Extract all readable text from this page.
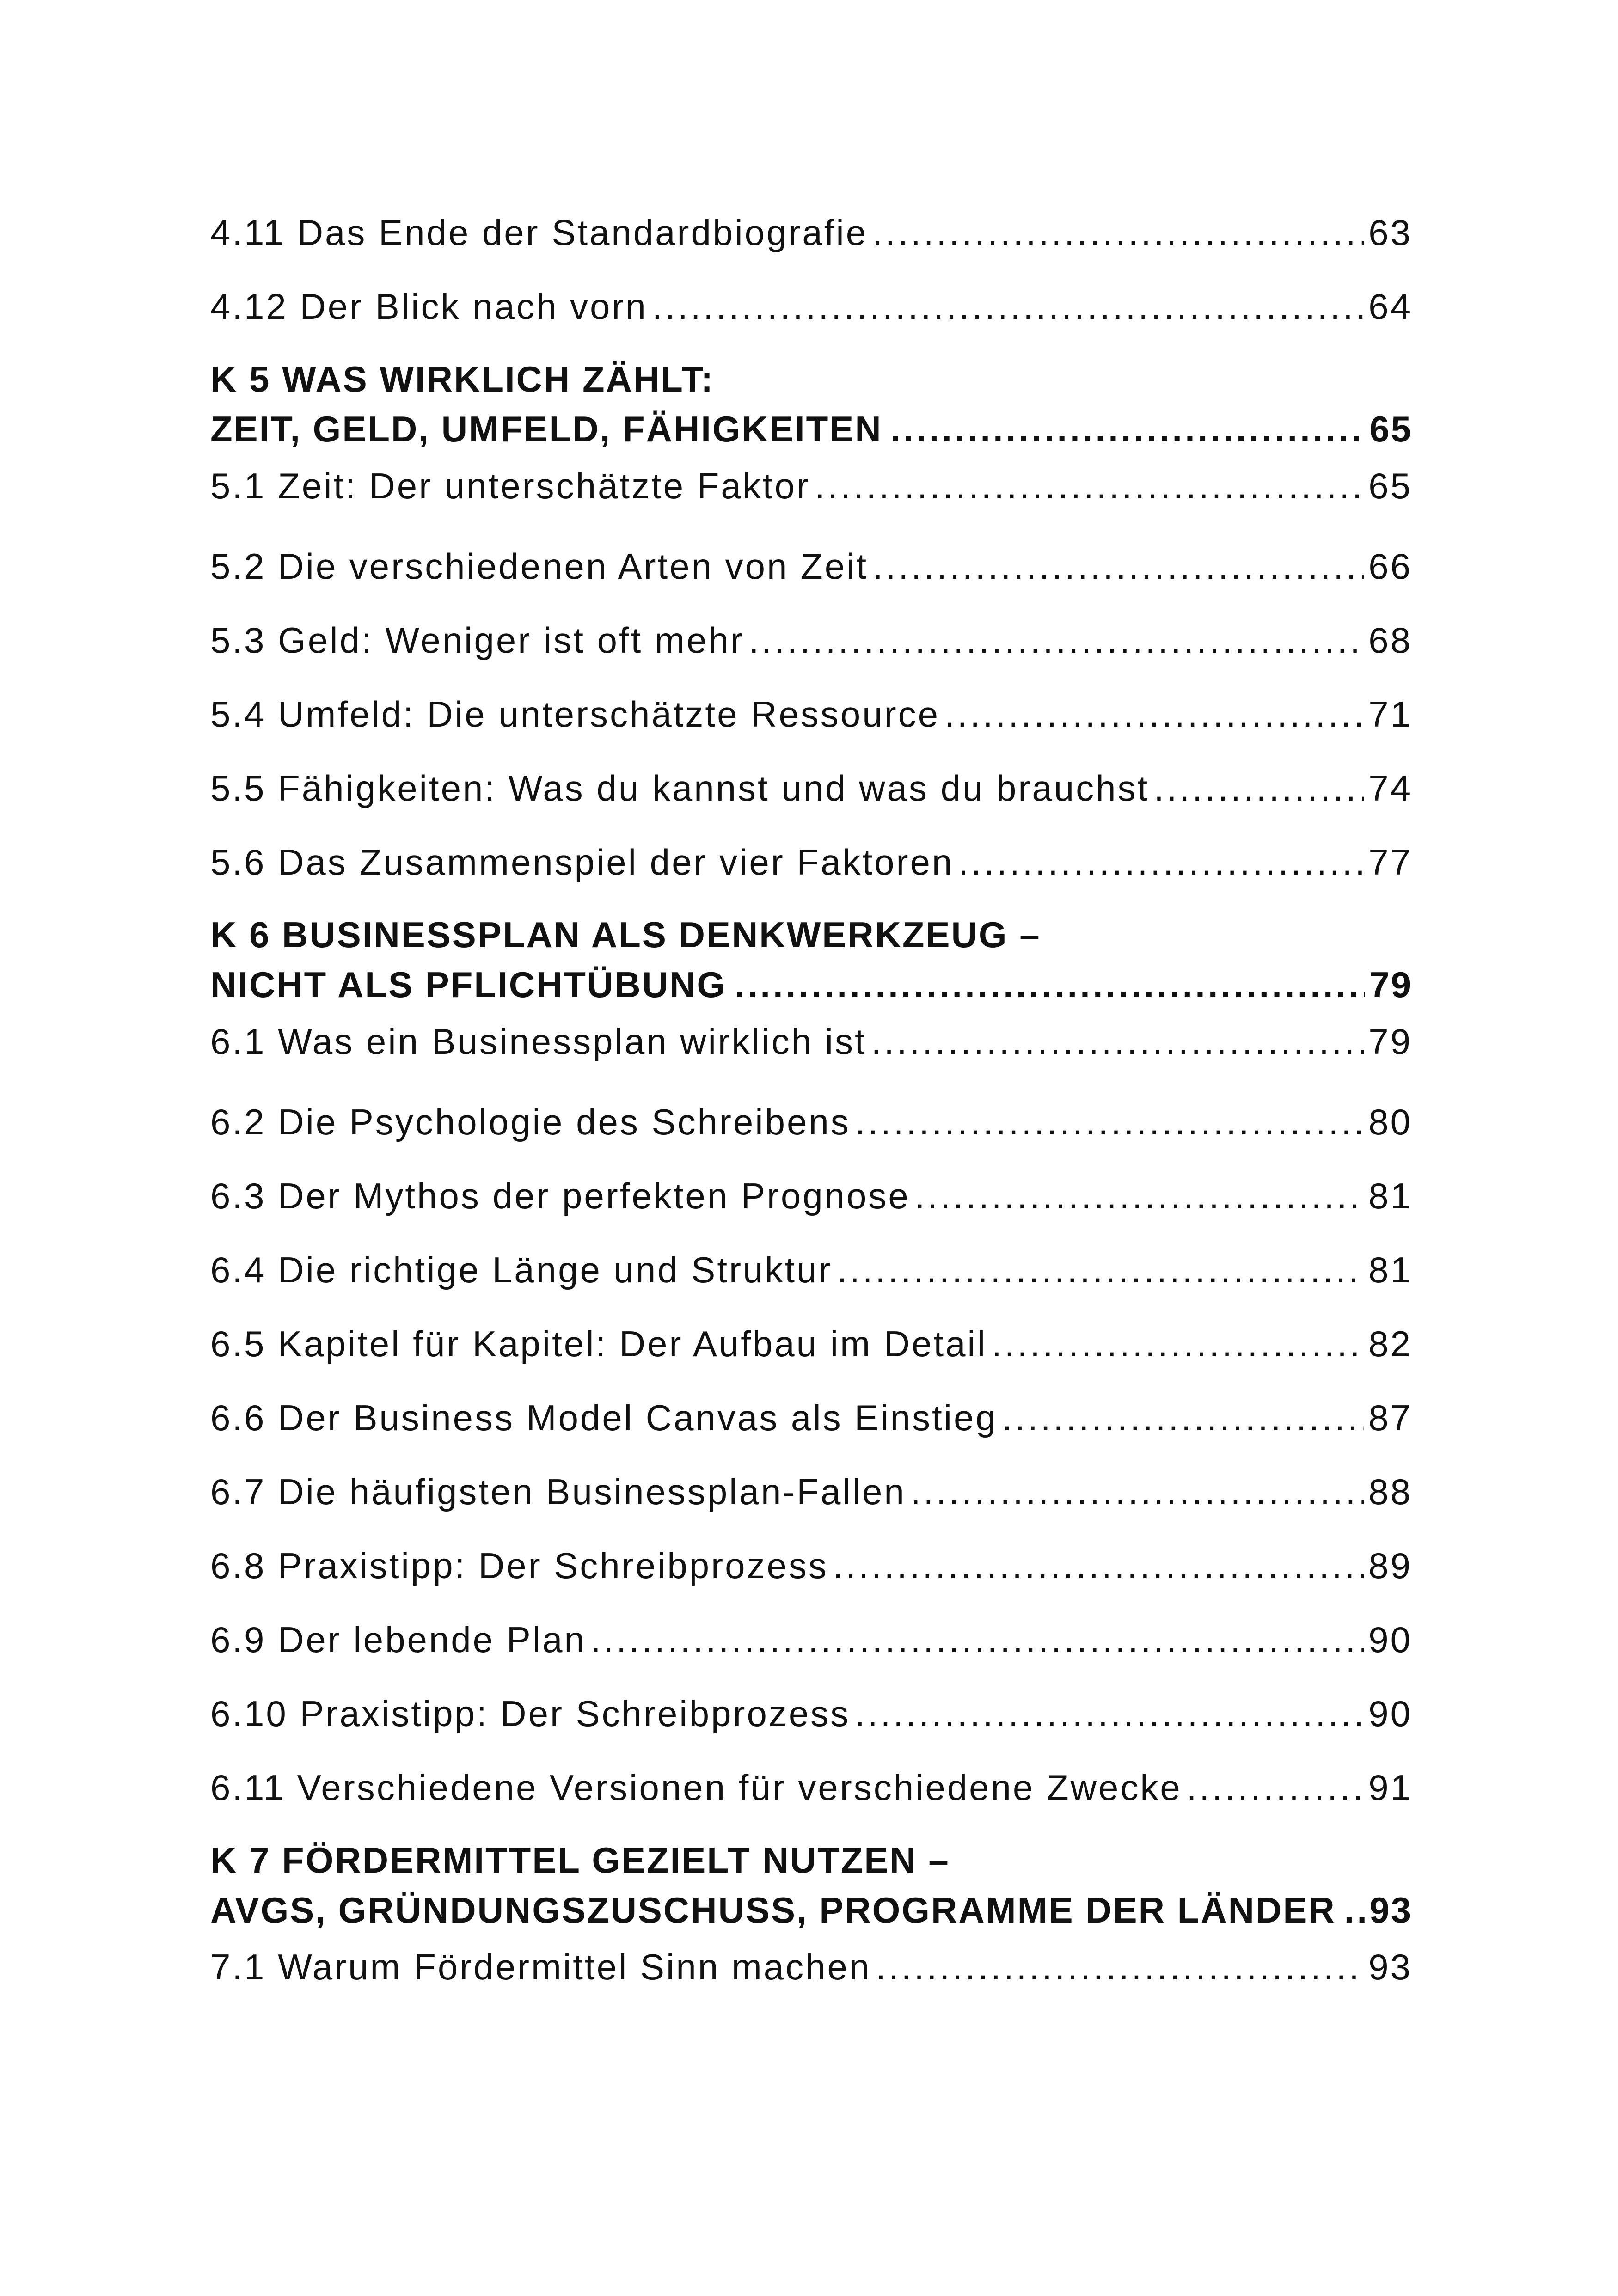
4.11 Das Ende der Standardbiografie .....	63
4.12 Der Blick nach vorn .....	64
K 5 WAS WIRKLICH ZÄHLT:
ZEIT, GELD, UMFELD, FÄHIGKEITEN .....	65
5.1 Zeit: Der unterschätzte Faktor .....	65
5.2 Die verschiedenen Arten von Zeit .....	66
5.3 Geld: Weniger ist oft mehr .....	68
5.4 Umfeld: Die unterschätzte Ressource .....	71
5.5 Fähigkeiten: Was du kannst und was du brauchst .....	74
5.6 Das Zusammenspiel der vier Faktoren .....	77
K 6 BUSINESSPLAN ALS DENKWERKZEUG –
NICHT ALS PFLICHTÜBUNG .....	79
6.1 Was ein Businessplan wirklich ist .....	79
6.2 Die Psychologie des Schreibens .....	80
6.3 Der Mythos der perfekten Prognose .....	81
6.4 Die richtige Länge und Struktur .....	81
6.5 Kapitel für Kapitel: Der Aufbau im Detail .....	82
6.6 Der Business Model Canvas als Einstieg .....	87
6.7 Die häufigsten Businessplan-Fallen .....	88
6.8 Praxistipp: Der Schreibprozess .....	89
6.9 Der lebende Plan .....	90
6.10 Praxistipp: Der Schreibprozess .....	90
6.11 Verschiedene Versionen für verschiedene Zwecke .....	91
K 7 FÖRDERMITTEL GEZIELT NUTZEN –
AVGS, GRÜNDUNGSZUSCHUSS, PROGRAMME DER LÄNDER ..... 93
7.1 Warum Fördermittel Sinn machen .....	93
